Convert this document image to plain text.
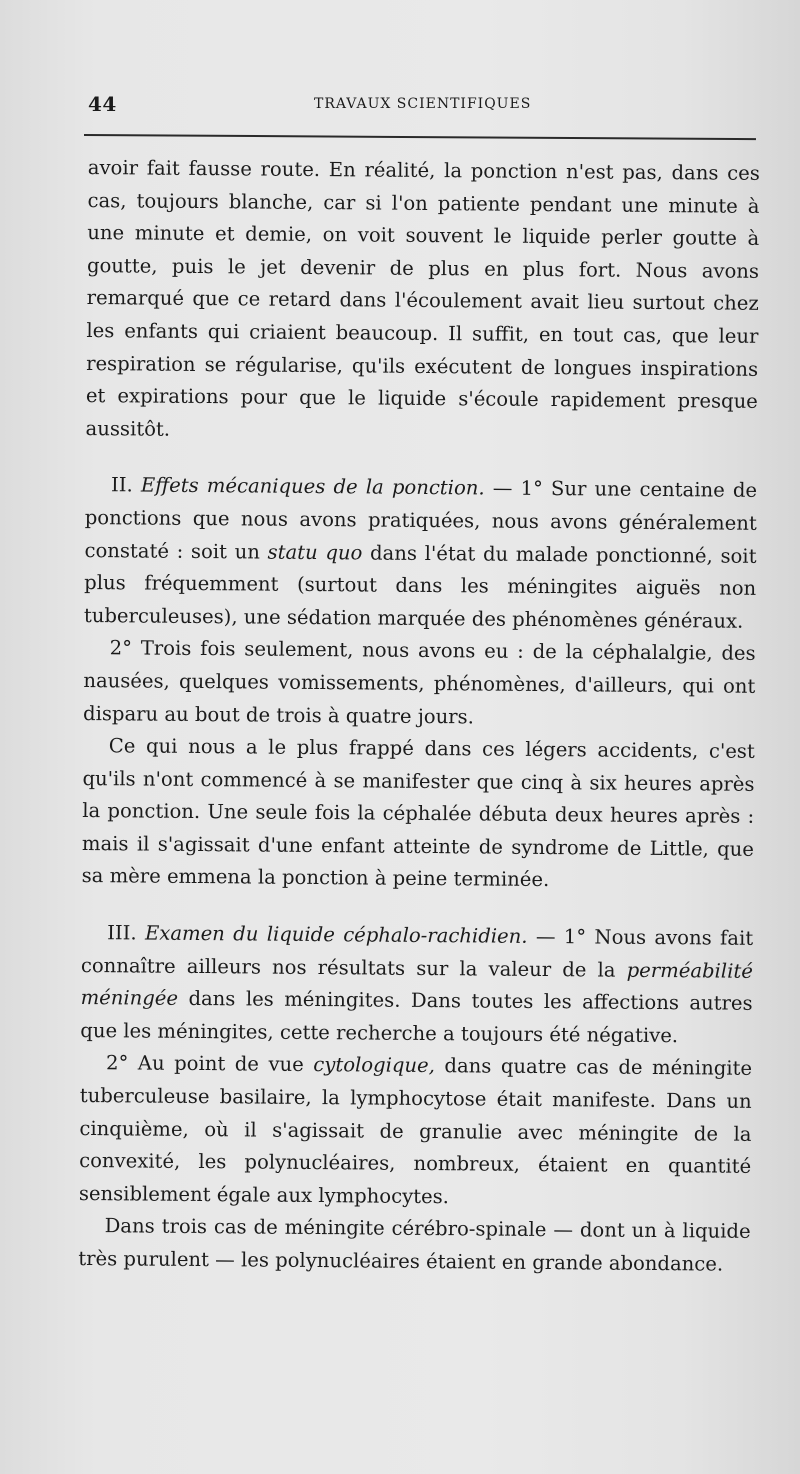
44	TRAVAUX SCIENTIFIQUES

avoir fait fausse route. En réalité, la ponction n'est pas, dans ces cas, toujours blanche, car si l'on patiente pendant une minute à une minute et demie, on voit souvent le liquide perler goutte à goutte, puis le jet devenir de plus en plus fort. Nous avons remarqué que ce retard dans l'écoulement avait lieu surtout chez les enfants qui criaient beaucoup. Il suffit, en tout cas, que leur respiration se régularise, qu'ils exécutent de longues inspirations et expirations pour que le liquide s'écoule rapidement presque aussitôt.

II. Effets mécaniques de la ponction. — 1° Sur une centaine de ponctions que nous avons pratiquées, nous avons généralement constaté : soit un statu quo dans l'état du malade ponctionné, soit plus fréquemment (surtout dans les méningites aiguës non tuberculeuses), une sédation marquée des phénomènes généraux.

2° Trois fois seulement, nous avons eu : de la céphalalgie, des nausées, quelques vomissements, phénomènes, d'ailleurs, qui ont disparu au bout de trois à quatre jours.

Ce qui nous a le plus frappé dans ces légers accidents, c'est qu'ils n'ont commencé à se manifester que cinq à six heures après la ponction. Une seule fois la céphalée débuta deux heures après : mais il s'agissait d'une enfant atteinte de syndrome de Little, que sa mère emmena la ponction à peine terminée.

III. Examen du liquide céphalo-rachidien. — 1° Nous avons fait connaître ailleurs nos résultats sur la valeur de la perméabilité méningée dans les méningites. Dans toutes les affections autres que les méningites, cette recherche a toujours été négative.

2° Au point de vue cytologique, dans quatre cas de méningite tuberculeuse basilaire, la lymphocytose était manifeste. Dans un cinquième, où il s'agissait de granulie avec méningite de la convexité, les polynucléaires, nombreux, étaient en quantité sensiblement égale aux lymphocytes.

Dans trois cas de méningite cérébro-spinale — dont un à liquide très purulent — les polynucléaires étaient en grande abondance.
